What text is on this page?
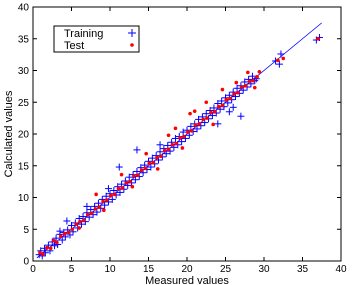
0	5	10	15	20	25	30	35	40
0
5
10
15
20
25
30
35
40
Measured values
Calculated values
Training
Test
